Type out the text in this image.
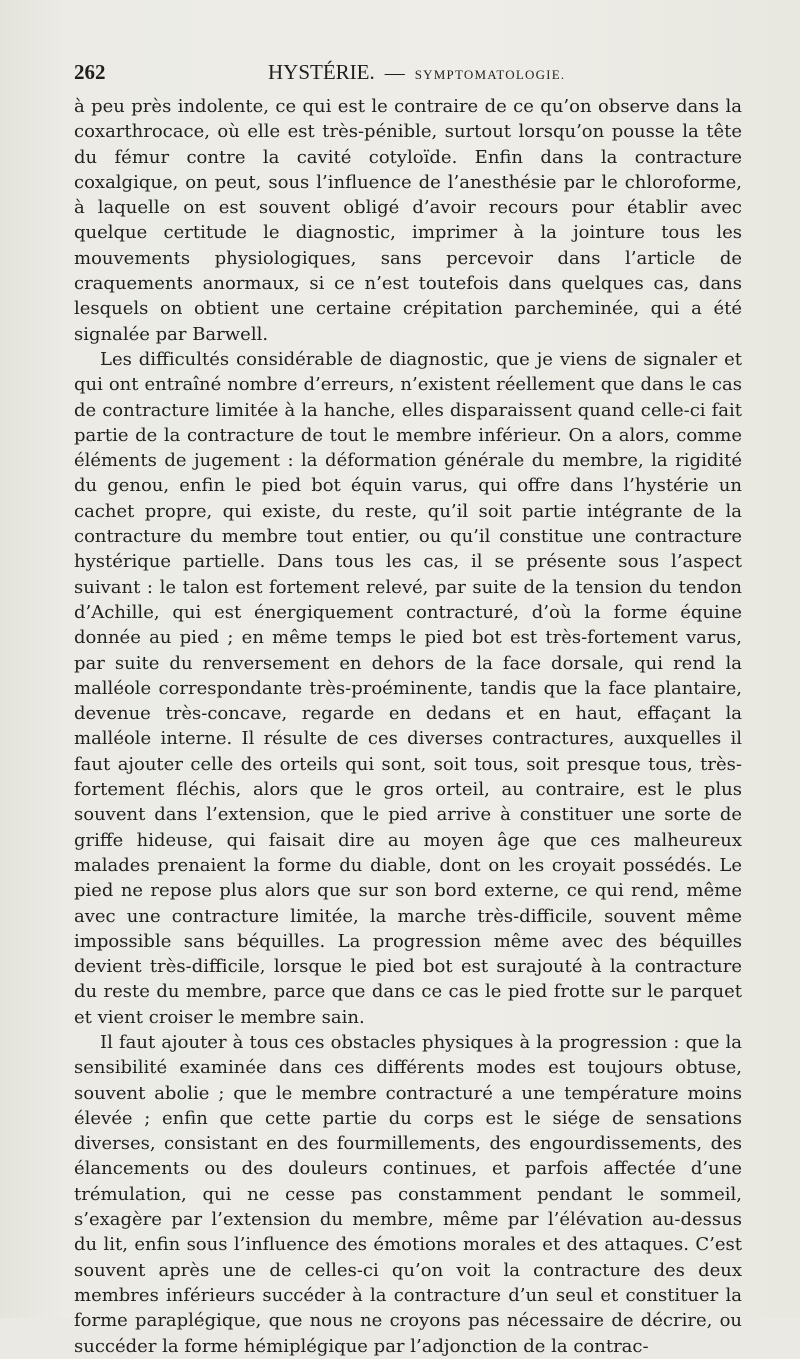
262	HYSTÉRIE. — SYMPTOMATOLOGIE.

à peu près indolente, ce qui est le contraire de ce qu’on observe dans la coxarthrocace, où elle est très-pénible, surtout lorsqu’on pousse la tête du fémur contre la cavité cotyloïde. Enfin dans la contracture coxalgique, on peut, sous l’influence de l’anesthésie par le chloroforme, à laquelle on est souvent obligé d’avoir recours pour établir avec quelque certitude le diagnostic, imprimer à la jointure tous les mouvements physiologiques, sans percevoir dans l’article de craquements anormaux, si ce n’est toutefois dans quelques cas, dans lesquels on obtient une certaine crépitation parcheminée, qui a été signalée par Barwell.

Les difficultés considérable de diagnostic, que je viens de signaler et qui ont entraîné nombre d’erreurs, n’existent réellement que dans le cas de contracture limitée à la hanche, elles disparaissent quand celle-ci fait partie de la contracture de tout le membre inférieur. On a alors, comme éléments de jugement : la déformation générale du membre, la rigidité du genou, enfin le pied bot équin varus, qui offre dans l’hystérie un cachet propre, qui existe, du reste, qu’il soit partie intégrante de la contracture du membre tout entier, ou qu’il constitue une contracture hystérique partielle. Dans tous les cas, il se présente sous l’aspect suivant : le talon est fortement relevé, par suite de la tension du tendon d’Achille, qui est énergiquement contracturé, d’où la forme équine donnée au pied ; en même temps le pied bot est très-fortement varus, par suite du renversement en dehors de la face dorsale, qui rend la malléole correspondante très-proéminente, tandis que la face plantaire, devenue très-concave, regarde en dedans et en haut, effaçant la malléole interne. Il résulte de ces diverses contractures, auxquelles il faut ajouter celle des orteils qui sont, soit tous, soit presque tous, très-fortement fléchis, alors que le gros orteil, au contraire, est le plus souvent dans l’extension, que le pied arrive à constituer une sorte de griffe hideuse, qui faisait dire au moyen âge que ces malheureux malades prenaient la forme du diable, dont on les croyait possédés. Le pied ne repose plus alors que sur son bord externe, ce qui rend, même avec une contracture limitée, la marche très-difficile, souvent même impossible sans béquilles. La progression même avec des béquilles devient très-difficile, lorsque le pied bot est surajouté à la contracture du reste du membre, parce que dans ce cas le pied frotte sur le parquet et vient croiser le membre sain.

Il faut ajouter à tous ces obstacles physiques à la progression : que la sensibilité examinée dans ces différents modes est toujours obtuse, souvent abolie ; que le membre contracturé a une température moins élevée ; enfin que cette partie du corps est le siége de sensations diverses, consistant en des fourmillements, des engourdissements, des élancements ou des douleurs continues, et parfois affectée d’une trémulation, qui ne cesse pas constamment pendant le sommeil, s’exagère par l’extension du membre, même par l’élévation au-dessus du lit, enfin sous l’influence des émotions morales et des attaques. C’est souvent après une de celles-ci qu’on voit la contracture des deux membres inférieurs succéder à la contracture d’un seul et constituer la forme paraplégique, que nous ne croyons pas nécessaire de décrire, ou succéder la forme hémiplégique par l’adjonction de la contrac-
